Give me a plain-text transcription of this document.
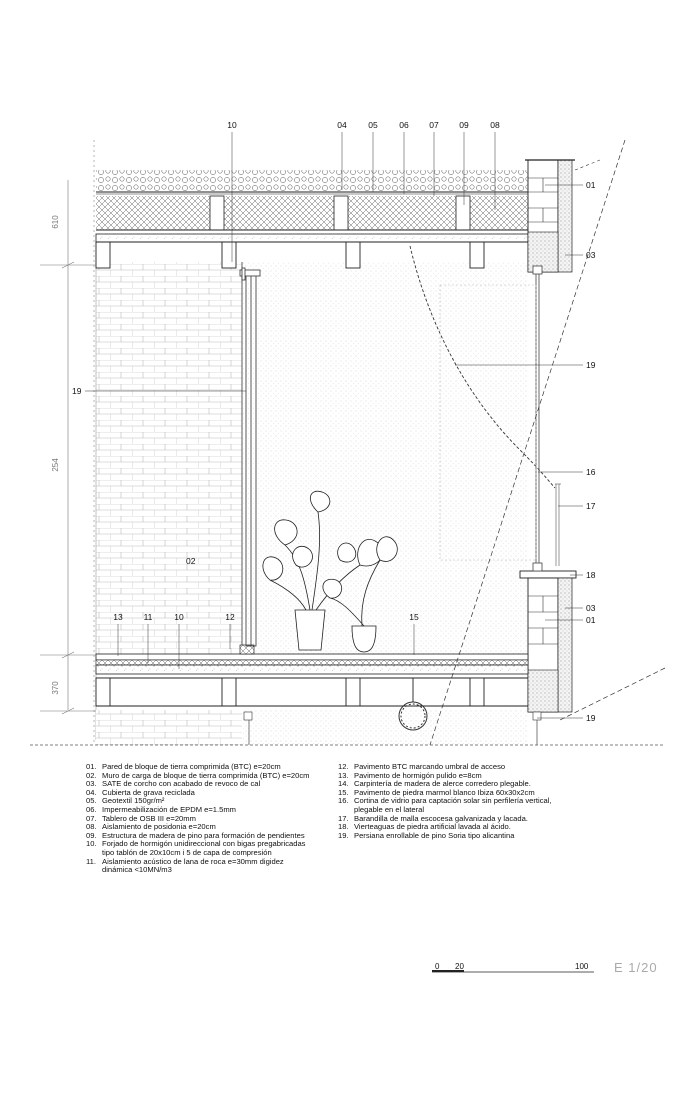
610
254
370
10	04	05	06 07 09	08
01
03
19
16
17
18
03
01
19
19
02
13 11	10	12	15
01. Pared de bloque de tierra comprimida (BTC) e=20cm
02. Muro de carga de bloque de tierra comprimida (BTC) e=20cm
03. SATE de corcho con acabado de revoco de cal
04. Cubierta de grava reciclada
05. Geotextil 150gr/m²
06. Impermeabilización de EPDM e=1.5mm
07. Tablero de OSB III e=20mm
08. Aislamiento de posidonia e=20cm
09. Estructura de madera de pino para formación de pendientes
10. Forjado de hormigón unidireccional con bigas pregabricadas
tipo tablón de 20x10cm i 5 de capa de compresión
11. Aislamiento acústico de lana de roca e=30mm digidez
dinámica <10MN/m3
12. Pavimento BTC marcando umbral de acceso
13. Pavimento de hormigón pulido e=8cm
14. Carpintería de madera de alerce corredero plegable.
15. Pavimento de piedra marmol blanco Ibiza 60x30x2cm
16. Cortina de vidrio para captación solar sin perfilería vertical,
plegable en el lateral
17. Barandilla de malla escocesa galvanizada y lacada.
18. Vierteaguas de piedra artificial lavada al ácido.
19. Persiana enrollable de pino Soria tipo alicantina
0 20	100 E 1/20
